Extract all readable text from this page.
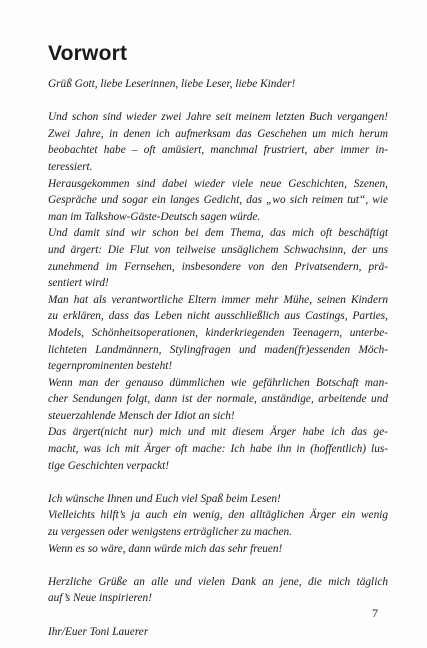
Vorwort

Grüß Gott, liebe Leserinnen, liebe Leser, liebe Kinder!

Und schon sind wieder zwei Jahre seit meinem letzten Buch vergangen!
Zwei Jahre, in denen ich aufmerksam das Geschehen um mich herum
beobachtet habe – oft amüsiert, manchmal frustriert, aber immer in-
teressiert.

Herausgekommen sind dabei wieder viele neue Geschichten, Szenen,
Gespräche und sogar ein langes Gedicht, das „wo sich reimen tut“, wie
man im Talkshow-Gäste-Deutsch sagen würde.

Und damit sind wir schon bei dem Thema, das mich oft beschäftigt
und ärgert: Die Flut von teilweise unsäglichem Schwachsinn, der uns
zunehmend im Fernsehen, insbesondere von den Privatsendern, prä-
sentiert wird!

Man hat als verantwortliche Eltern immer mehr Mühe, seinen Kindern
zu erklären, dass das Leben nicht ausschließlich aus Castings, Parties,
Models, Schönheitsoperationen, kinderkriegenden Teenagern, unterbe-
lichteten Landmännern, Stylingfragen und maden(fr)essenden Möch-
tegernprominenten besteht!

Wenn man der genauso dümmlichen wie gefährlichen Botschaft man-
cher Sendungen folgt, dann ist der normale, anständige, arbeitende und
steuerzahlende Mensch der Idiot an sich!

Das ärgert(nicht nur) mich und mit diesem Ärger habe ich das ge-
macht, was ich mit Ärger oft mache: Ich habe ihn in (hoffentlich) lus-
tige Geschichten verpackt!

Ich wünsche Ihnen und Euch viel Spaß beim Lesen!

Vielleichts hilft’s ja auch ein wenig, den alltäglichen Ärger ein wenig
zu vergessen oder wenigstens erträglicher zu machen.
Wenn es so wäre, dann würde mich das sehr freuen!

Herzliche Grüße an alle und vielen Dank an jene, die mich täglich
auf’s Neue inspirieren!

Ihr/Euer Toni Lauerer

7
